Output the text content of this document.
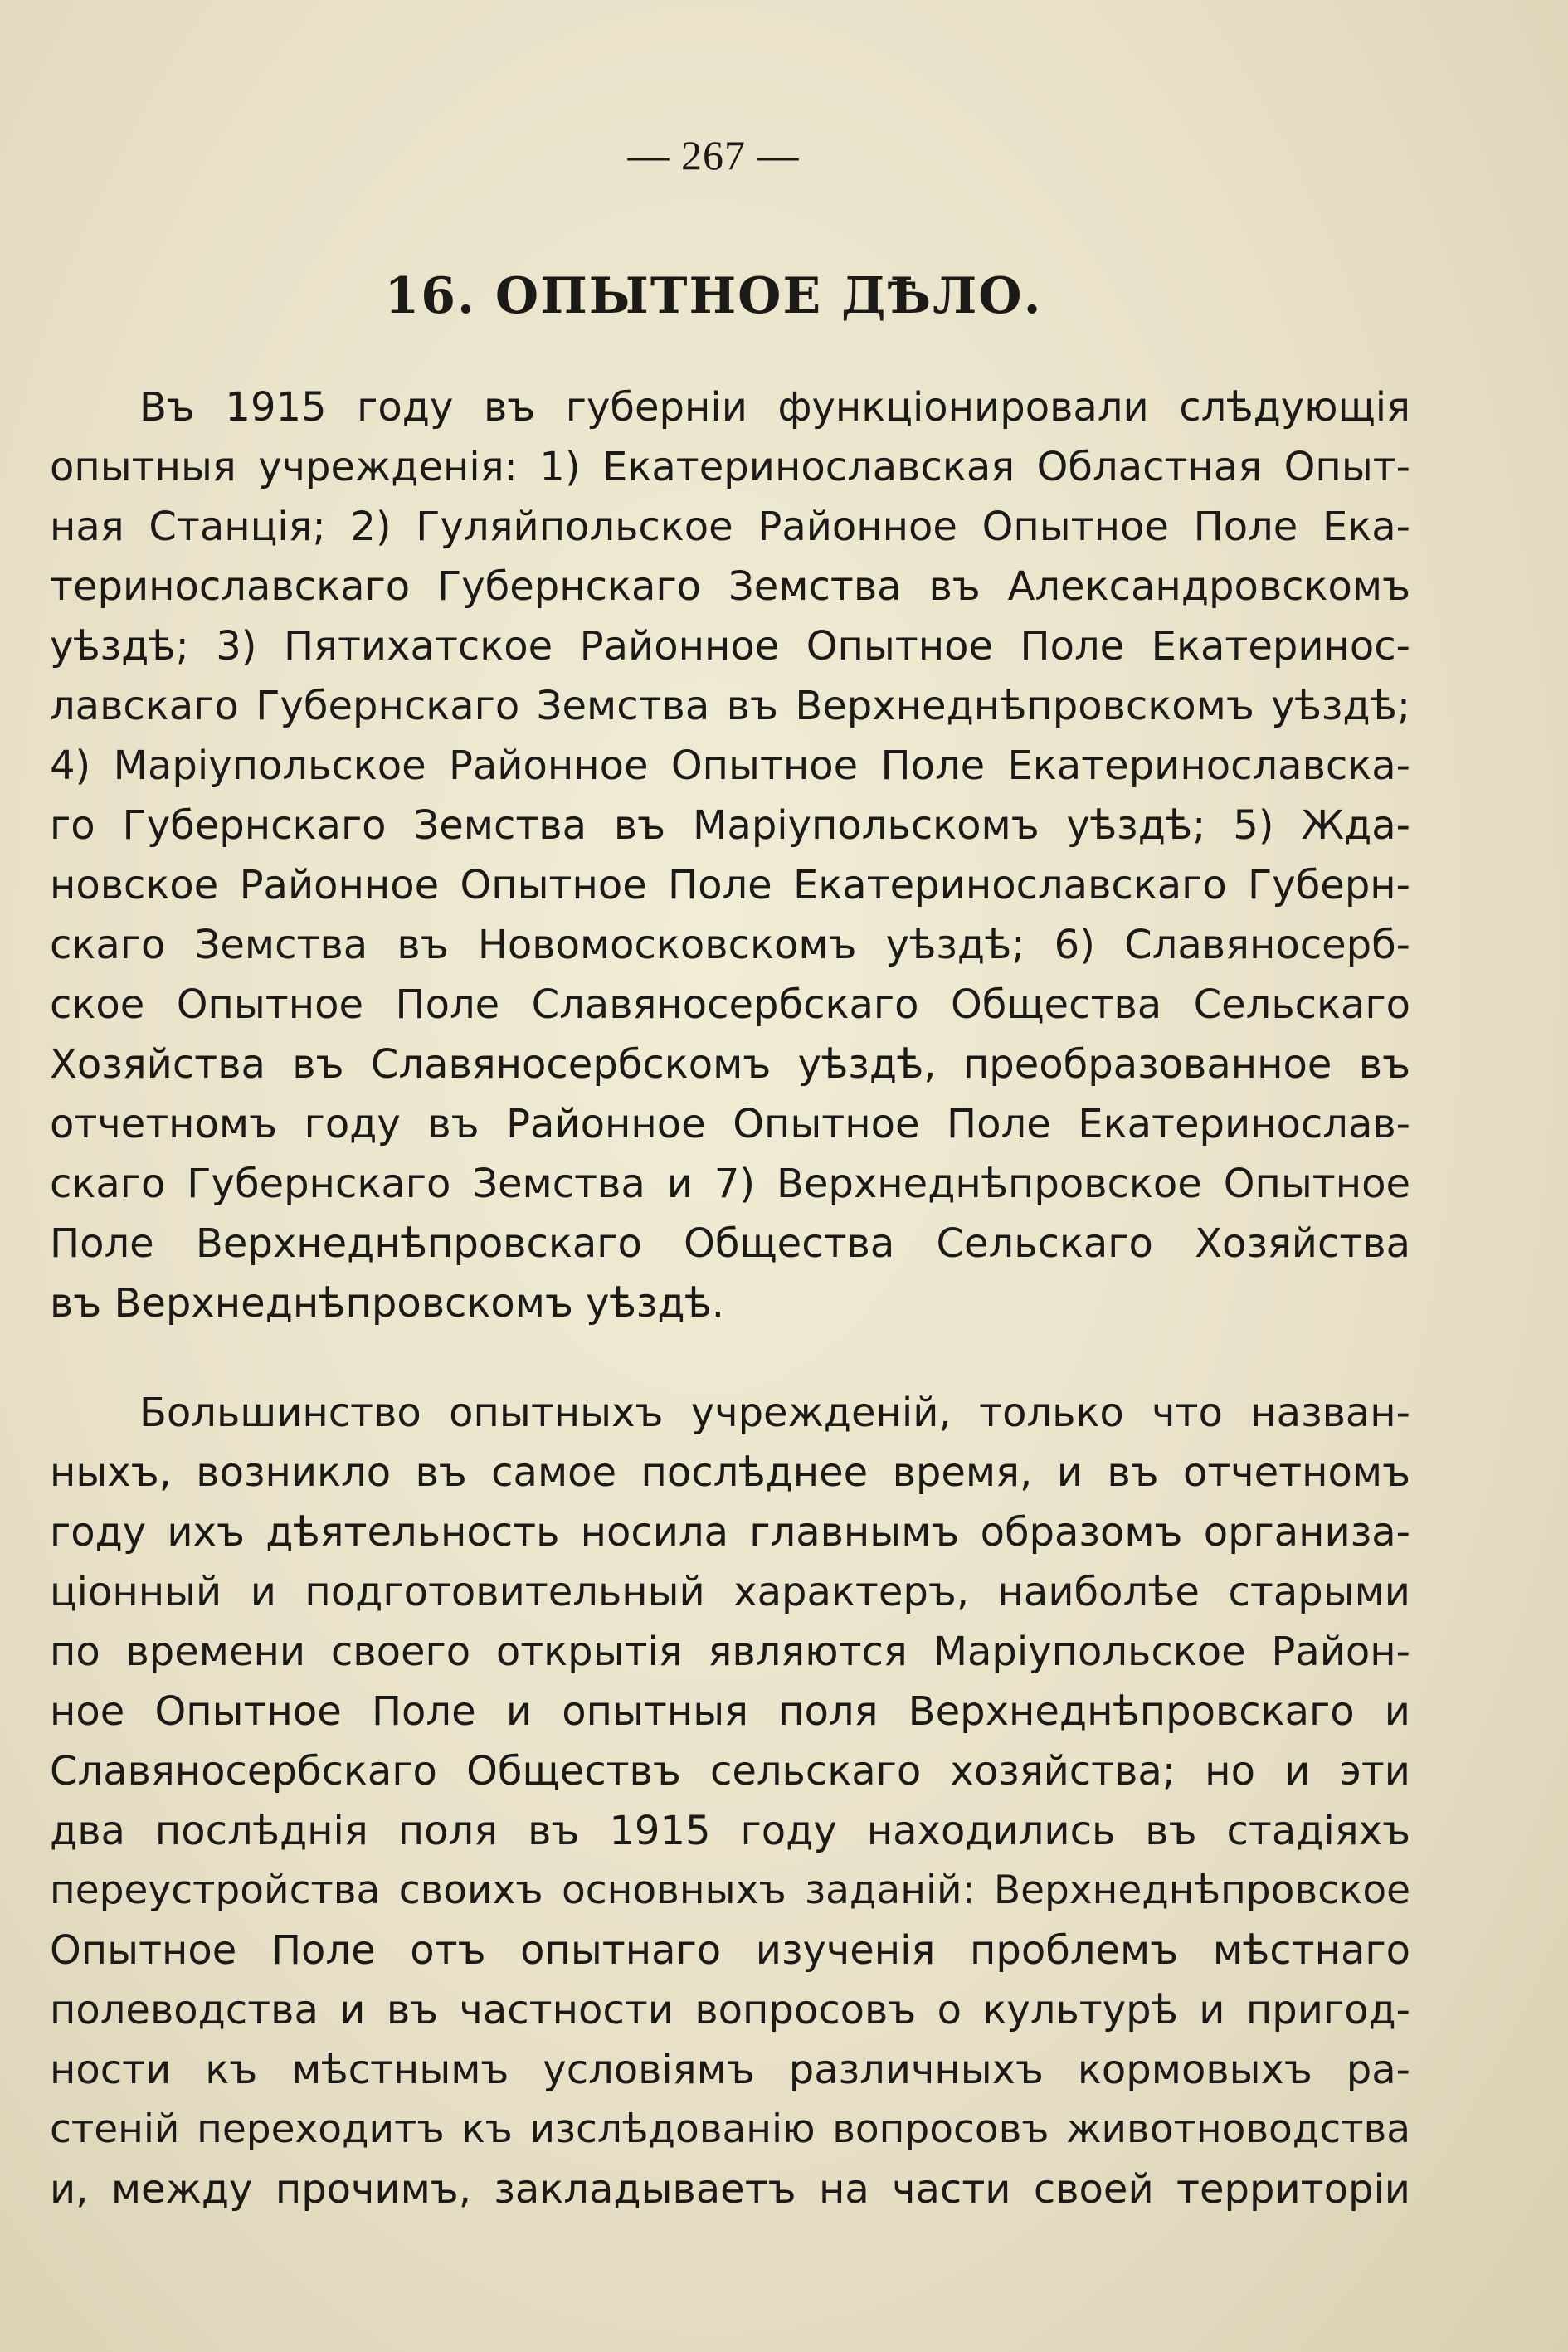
— 267 —
16. ОПЫТНОЕ ДѢЛО.
Въ 1915 году въ губерніи функціонировали слѣдующія
опытныя учрежденія: 1) Екатеринославская Областная Опыт-
ная Станція; 2) Гуляйпольское Районное Опытное Поле Ека-
теринославскаго Губернскаго Земства въ Александровскомъ
уѣздѣ; 3) Пятихатское Районное Опытное Поле Екатеринос-
лавскаго Губернскаго Земства въ Верхнеднѣпровскомъ уѣздѣ;
4) Маріупольское Районное Опытное Поле Екатеринославска-
го Губернскаго Земства въ Маріупольскомъ уѣздѣ; 5) Жда-
новское Районное Опытное Поле Екатеринославскаго Губерн-
скаго Земства въ Новомосковскомъ уѣздѣ; 6) Славяносерб-
ское Опытное Поле Славяносербскаго Общества Сельскаго
Хозяйства въ Славяносербскомъ уѣздѣ, преобразованное въ
отчетномъ году въ Районное Опытное Поле Екатеринослав-
скаго Губернскаго Земства и 7) Верхнеднѣпровское Опытное
Поле Верхнеднѣпровскаго Общества Сельскаго Хозяйства
въ Верхнеднѣпровскомъ уѣздѣ.
Большинство опытныхъ учрежденій, только что назван-
ныхъ, возникло въ самое послѣднее время, и въ отчетномъ
году ихъ дѣятельность носила главнымъ образомъ организа-
ціонный и подготовительный характеръ, наиболѣе старыми
по времени своего открытія являются Маріупольское Район-
ное Опытное Поле и опытныя поля Верхнеднѣпровскаго и
Славяносербскаго Обществъ сельскаго хозяйства; но и эти
два послѣднія поля въ 1915 году находились въ стадіяхъ
переустройства своихъ основныхъ заданій: Верхнеднѣпровское
Опытное Поле отъ опытнаго изученія проблемъ мѣстнаго
полеводства и въ частности вопросовъ о культурѣ и пригод-
ности къ мѣстнымъ условіямъ различныхъ кормовыхъ ра-
стеній переходитъ къ изслѣдованію вопросовъ животноводства
и, между прочимъ, закладываетъ на части своей территоріи
